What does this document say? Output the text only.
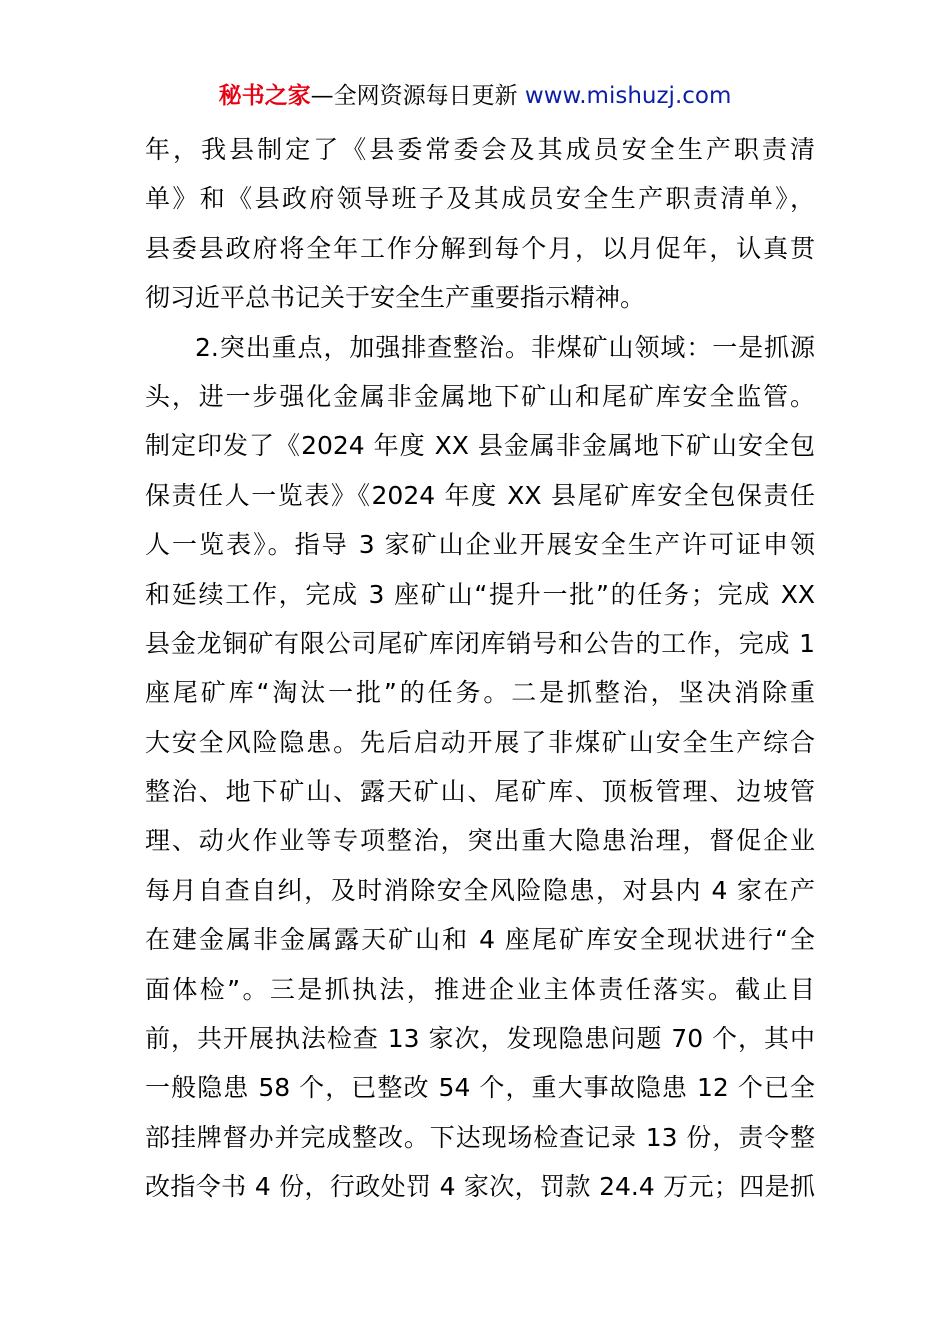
秘书之家—全网资源每日更新 www.mishuzj.com
年，我县制定了《县委常委会及其成员安全生产职责清
单》和《县政府领导班子及其成员安全生产职责清单》，
县委县政府将全年工作分解到每个月，以月促年，认真贯
彻习近平总书记关于安全生产重要指示精神。
2.突出重点，加强排查整治。非煤矿山领域：一是抓源
头，进一步强化金属非金属地下矿山和尾矿库安全监管。
制定印发了《2024 年度 XX 县金属非金属地下矿山安全包
保责任人一览表》《2024 年度 XX 县尾矿库安全包保责任
人一览表》。指导 3 家矿山企业开展安全生产许可证申领
和延续工作，完成 3 座矿山“提升一批”的任务；完成 XX
县金龙铜矿有限公司尾矿库闭库销号和公告的工作，完成 1
座尾矿库“淘汰一批”的任务。二是抓整治，坚决消除重
大安全风险隐患。先后启动开展了非煤矿山安全生产综合
整治、地下矿山、露天矿山、尾矿库、顶板管理、边坡管
理、动火作业等专项整治，突出重大隐患治理，督促企业
每月自查自纠，及时消除安全风险隐患，对县内 4 家在产
在建金属非金属露天矿山和 4 座尾矿库安全现状进行“全
面体检”。三是抓执法，推进企业主体责任落实。截止目
前，共开展执法检查 13 家次，发现隐患问题 70 个，其中
一般隐患 58 个，已整改 54 个，重大事故隐患 12 个已全
部挂牌督办并完成整改。下达现场检查记录 13 份，责令整
改指令书 4 份，行政处罚 4 家次，罚款 24.4 万元；四是抓
